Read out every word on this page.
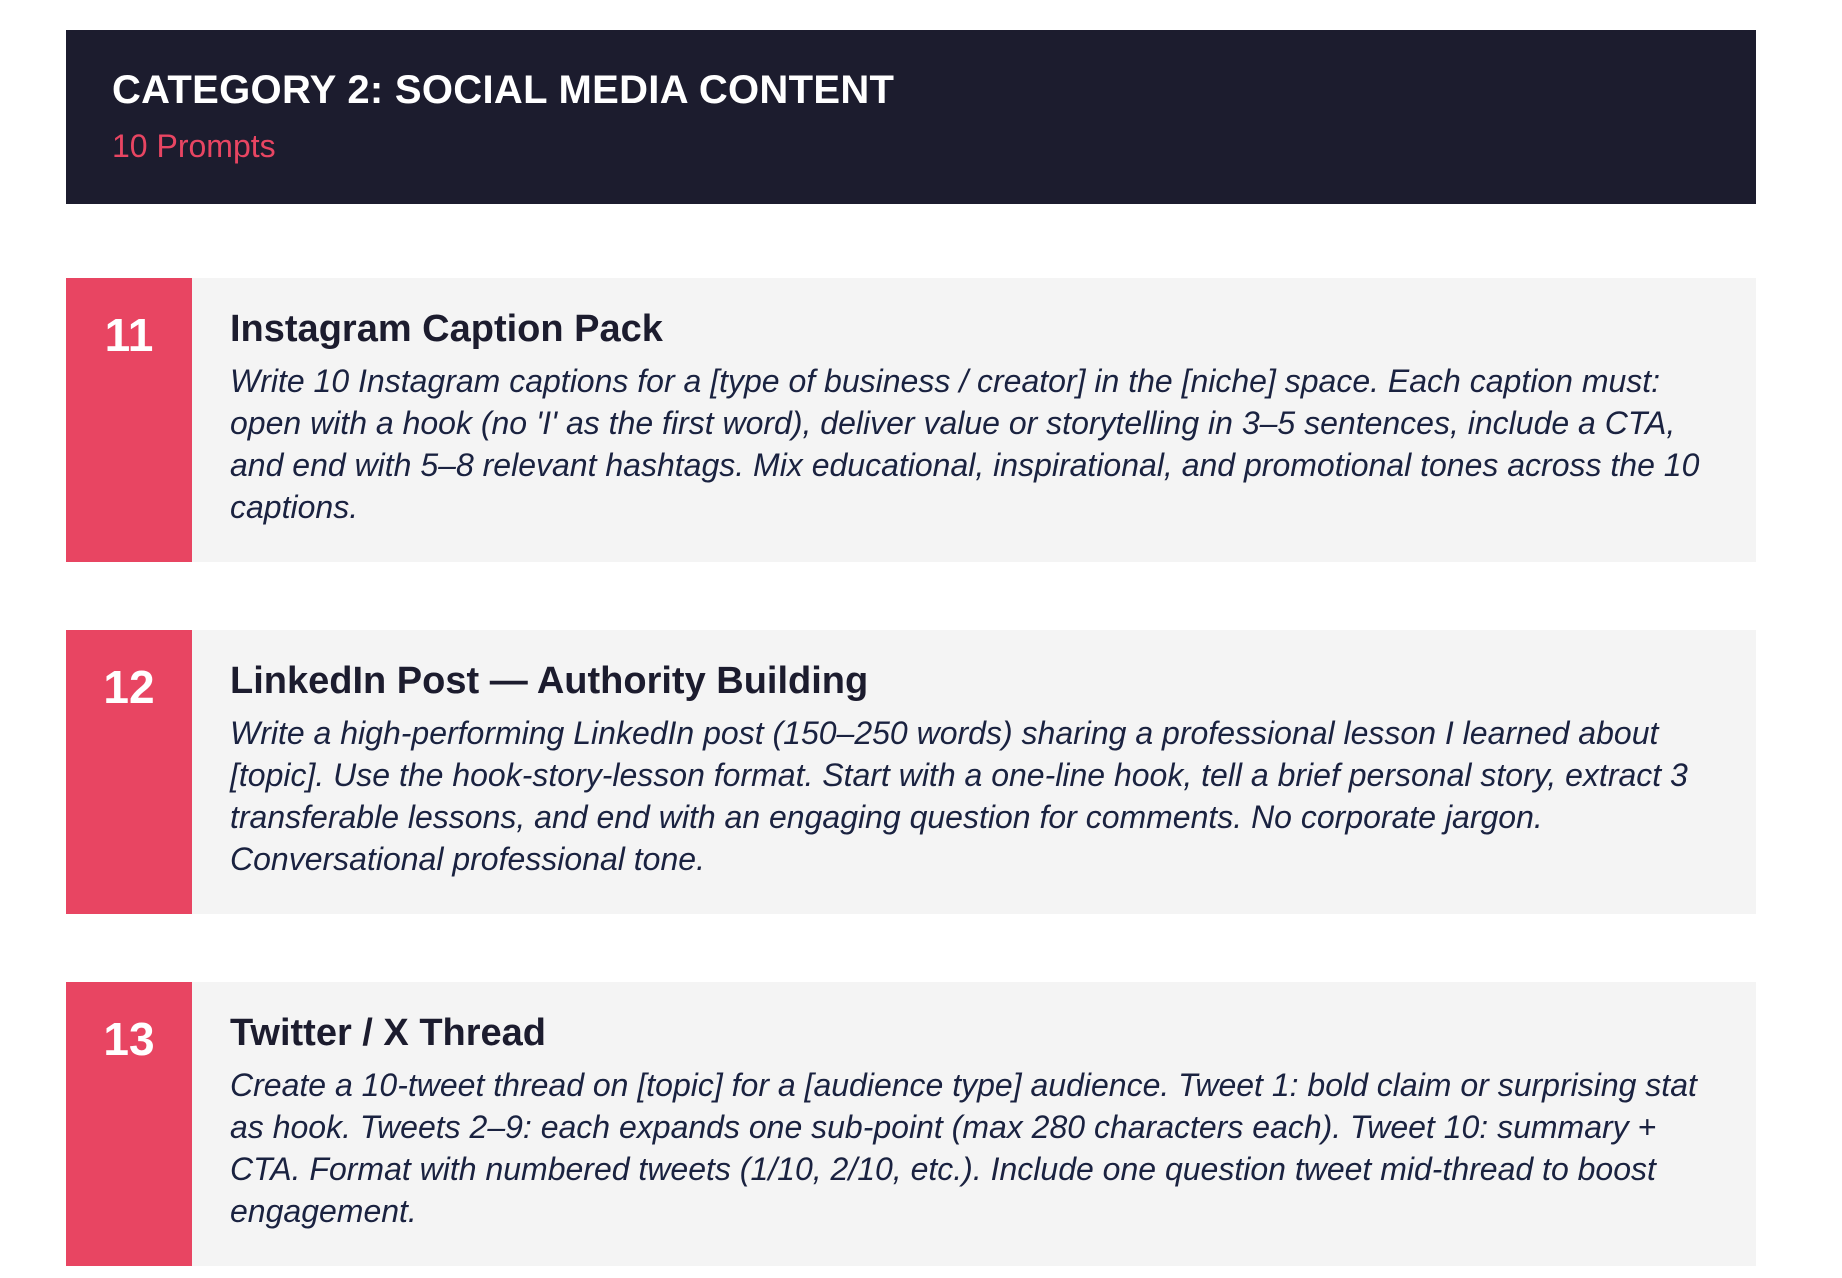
CATEGORY 2: SOCIAL MEDIA CONTENT
10 Prompts
11	Instagram Caption Pack

Write 10 Instagram captions for a [type of business / creator] in the [niche] space. Each caption must: open with a hook (no 'I' as the first word), deliver value or storytelling in 3–5 sentences, include a CTA, and end with 5–8 relevant hashtags. Mix educational, inspirational, and promotional tones across the 10 captions.

12	LinkedIn Post — Authority Building

Write a high-performing LinkedIn post (150–250 words) sharing a professional lesson I learned about [topic]. Use the hook-story-lesson format. Start with a one-line hook, tell a brief personal story, extract 3 transferable lessons, and end with an engaging question for comments. No corporate jargon. Conversational professional tone.

13	Twitter / X Thread

Create a 10-tweet thread on [topic] for a [audience type] audience. Tweet 1: bold claim or surprising stat as hook. Tweets 2–9: each expands one sub-point (max 280 characters each). Tweet 10: summary + CTA. Format with numbered tweets (1/10, 2/10, etc.). Include one question tweet mid-thread to boost engagement.
